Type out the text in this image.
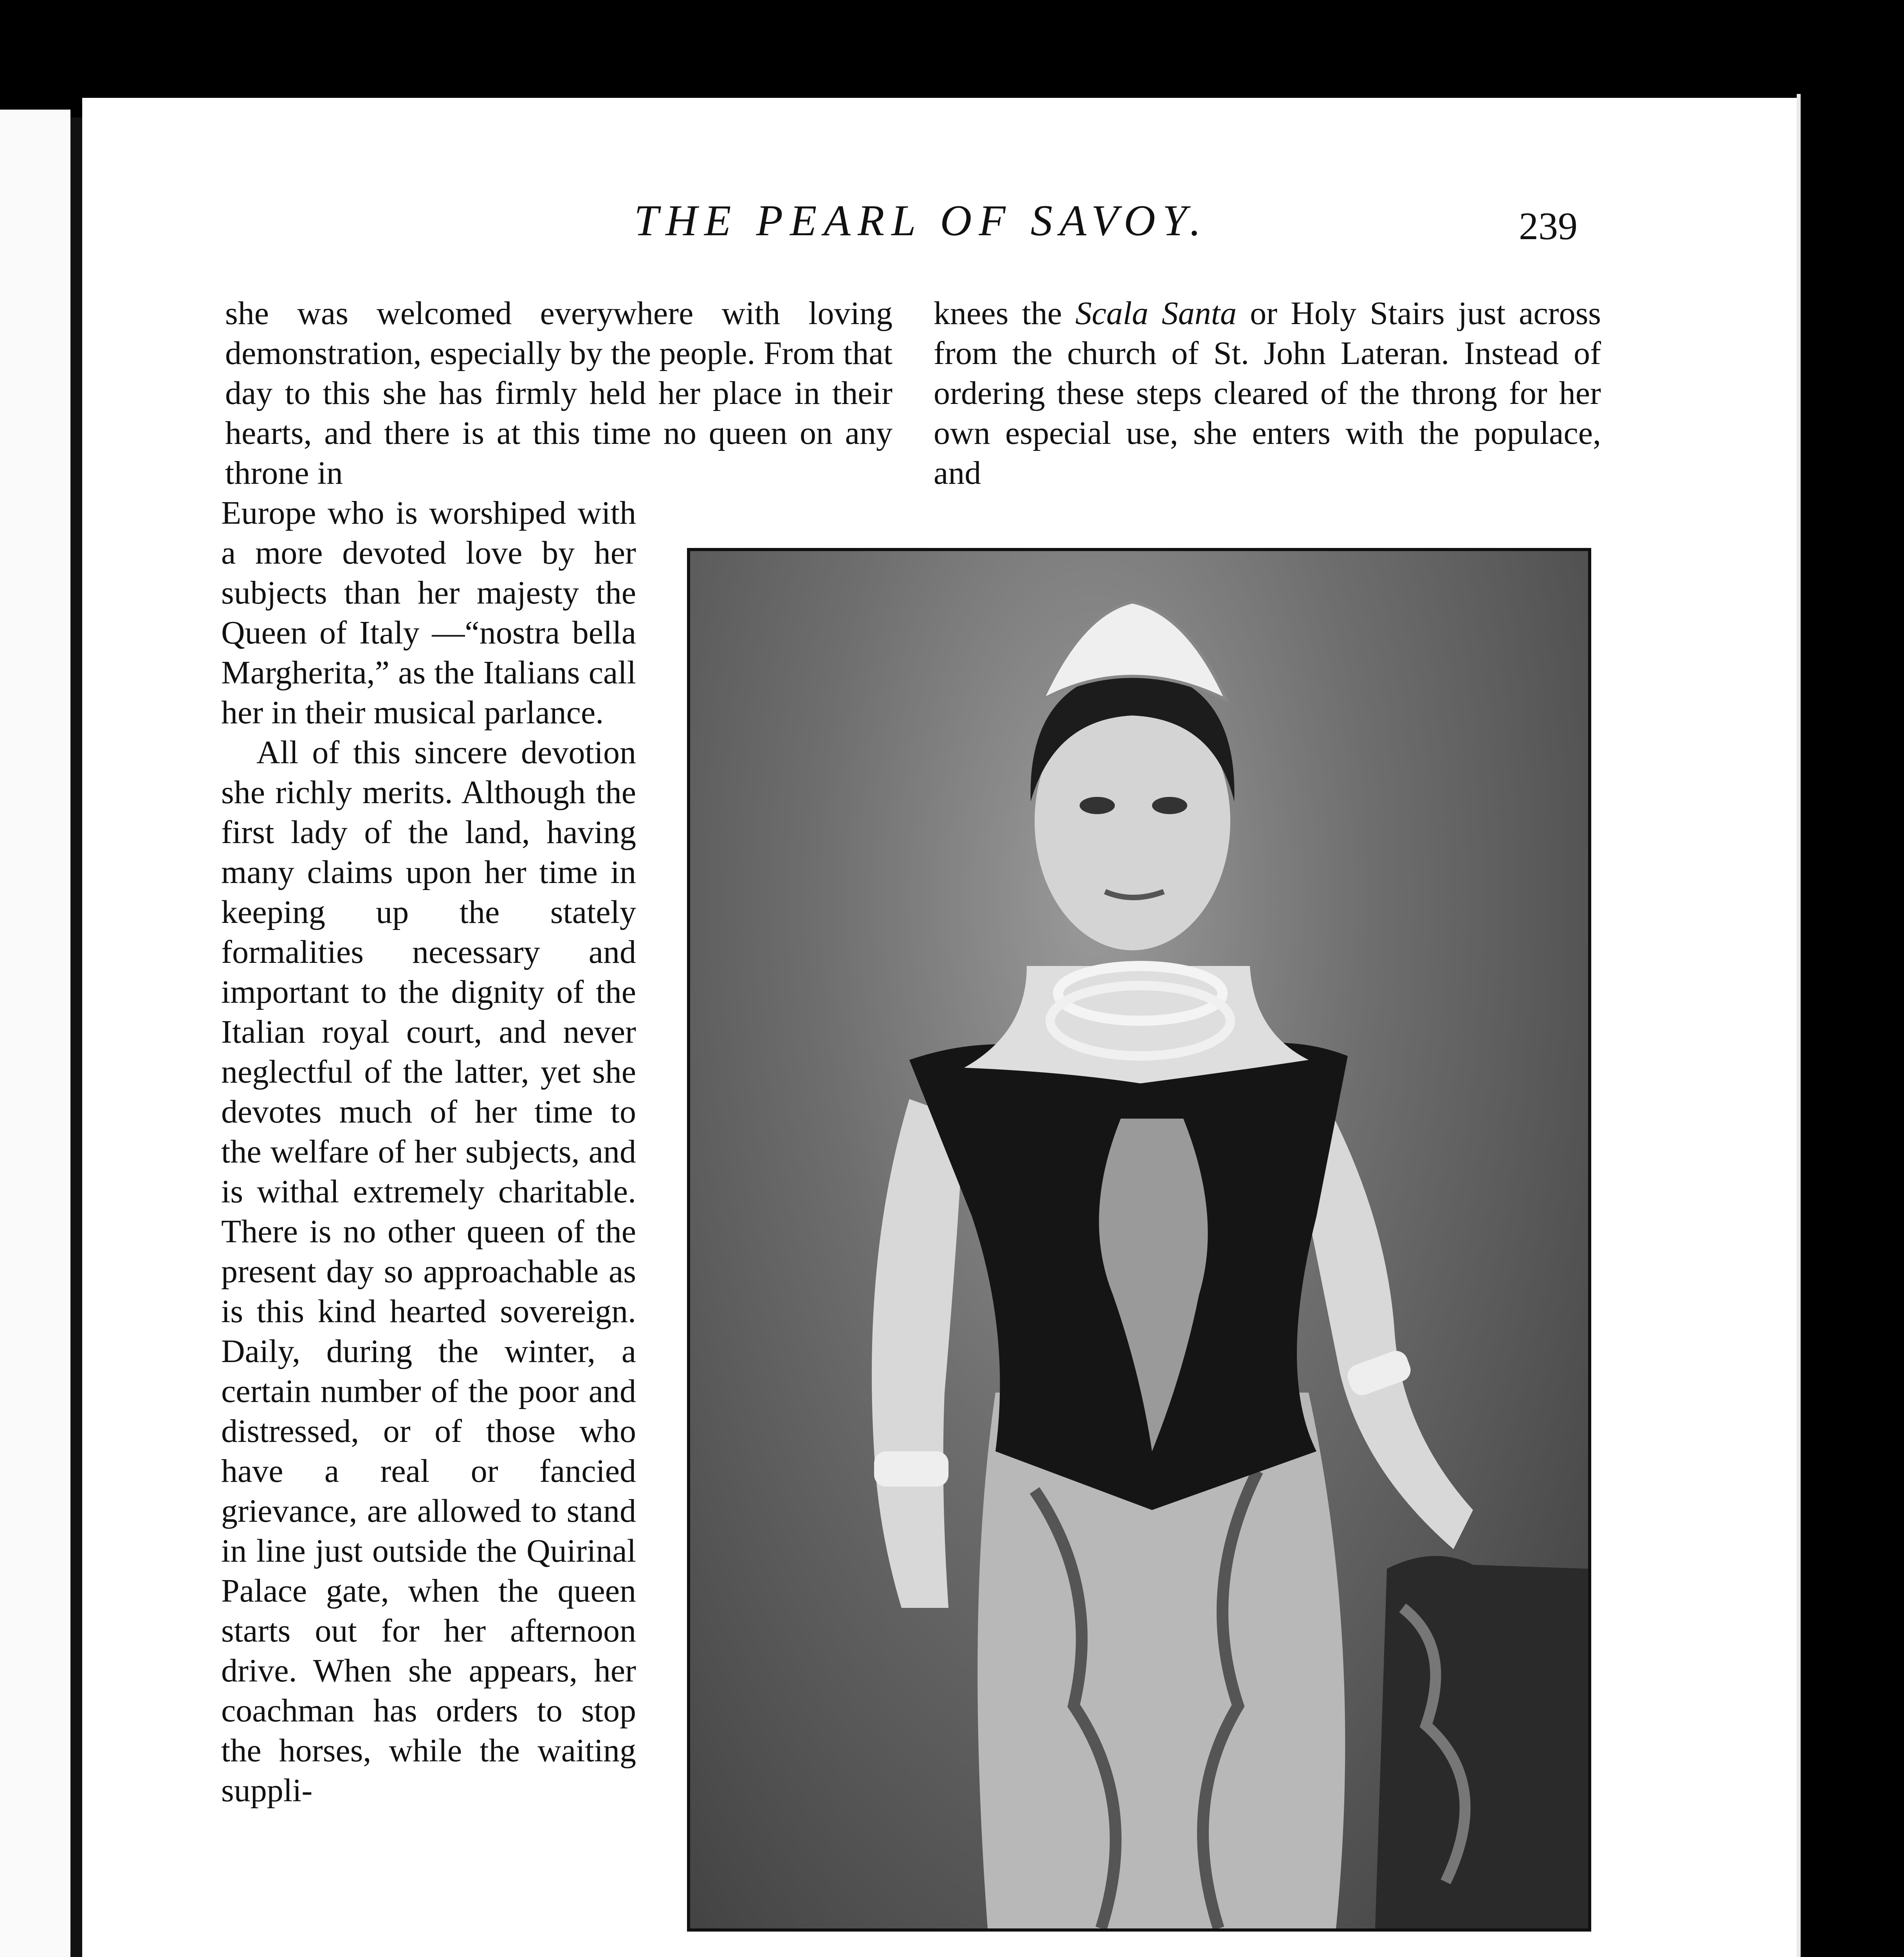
THE PEARL OF SAVOY.	239

she was welcomed everywhere with loving demonstration, especially by the people. From that day to this she has firmly held her place in their hearts, and there is at this time no queen on any throne in

Europe who is worshiped with a more devoted love by her subjects than her majesty the Queen of Italy —“nostra bella Margherita,” as the Italians call her in their musical parlance.

All of this sincere devotion she richly merits. Although the first lady of the land, having many claims upon her time in keeping up the stately formalities necessary and important to the dignity of the Italian royal court, and never neglectful of the latter, yet she devotes much of her time to the welfare of her subjects, and is withal extremely charitable. There is no other queen of the present day so approachable as is this kind hearted sovereign. Daily, during the winter, a certain number of the poor and distressed, or of those who have a real or fancied grievance, are allowed to stand in line just outside the Quirinal Palace gate, when the queen starts out for her afternoon drive. When she appears, her coachman has orders to stop the horses, while the waiting suppli-

knees the Scala Santa or Holy Stairs just across from the church of St. John Lateran. Instead of ordering these steps cleared of the throng for her own especial use, she enters with the populace, and
